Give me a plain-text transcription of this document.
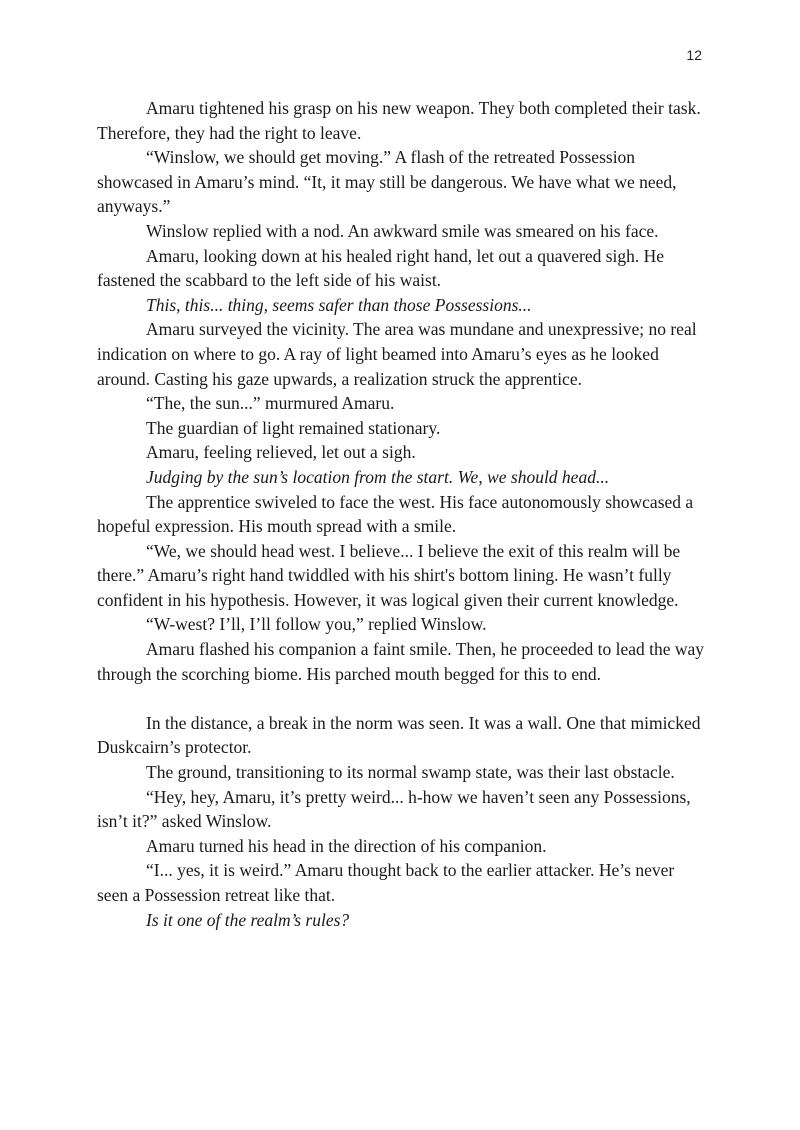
12

Amaru tightened his grasp on his new weapon. They both completed their task. Therefore, they had the right to leave.

“Winslow, we should get moving.” A flash of the retreated Possession showcased in Amaru’s mind. “It, it may still be dangerous. We have what we need, anyways.”

Winslow replied with a nod. An awkward smile was smeared on his face.

Amaru, looking down at his healed right hand, let out a quavered sigh. He fastened the scabbard to the left side of his waist.

This, this... thing, seems safer than those Possessions...

Amaru surveyed the vicinity. The area was mundane and unexpressive; no real indication on where to go. A ray of light beamed into Amaru’s eyes as he looked around. Casting his gaze upwards, a realization struck the apprentice.

“The, the sun...” murmured Amaru.

The guardian of light remained stationary.

Amaru, feeling relieved, let out a sigh.

Judging by the sun’s location from the start. We, we should head...

The apprentice swiveled to face the west. His face autonomously showcased a hopeful expression. His mouth spread with a smile.

“We, we should head west. I believe... I believe the exit of this realm will be there.” Amaru’s right hand twiddled with his shirt's bottom lining. He wasn’t fully confident in his hypothesis. However, it was logical given their current knowledge.

“W-west? I’ll, I’ll follow you,” replied Winslow.

Amaru flashed his companion a faint smile. Then, he proceeded to lead the way through the scorching biome. His parched mouth begged for this to end.

In the distance, a break in the norm was seen. It was a wall. One that mimicked Duskcairn’s protector.

The ground, transitioning to its normal swamp state, was their last obstacle.

“Hey, hey, Amaru, it’s pretty weird... h-how we haven’t seen any Possessions, isn’t it?” asked Winslow.

Amaru turned his head in the direction of his companion.

“I... yes, it is weird.” Amaru thought back to the earlier attacker. He’s never seen a Possession retreat like that.

Is it one of the realm’s rules?
